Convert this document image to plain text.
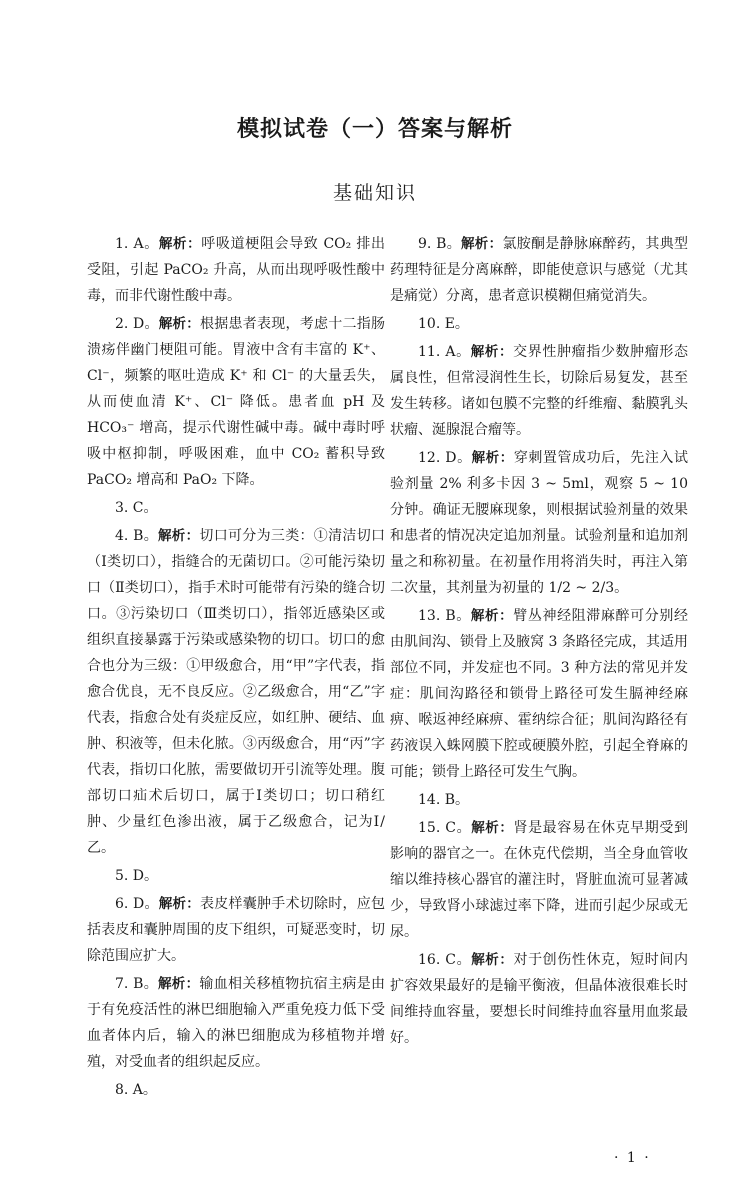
模拟试卷（一）答案与解析
基础知识

1. A。解析：呼吸道梗阻会导致 CO₂ 排出受阻，引起 PaCO₂ 升高，从而出现呼吸性酸中毒，而非代谢性酸中毒。

2. D。解析：根据患者表现，考虑十二指肠溃疡伴幽门梗阻可能。胃液中含有丰富的 K⁺、Cl⁻，频繁的呕吐造成 K⁺ 和 Cl⁻ 的大量丢失，从而使血清 K⁺、Cl⁻ 降低。患者血 pH 及 HCO₃⁻ 增高，提示代谢性碱中毒。碱中毒时呼吸中枢抑制，呼吸困难，血中 CO₂ 蓄积导致 PaCO₂ 增高和 PaO₂ 下降。

3. C。

4. B。解析：切口可分为三类：①清洁切口（Ⅰ类切口），指缝合的无菌切口。②可能污染切口（Ⅱ类切口），指手术时可能带有污染的缝合切口。③污染切口（Ⅲ类切口），指邻近感染区或组织直接暴露于污染或感染物的切口。切口的愈合也分为三级：①甲级愈合，用“甲”字代表，指愈合优良，无不良反应。②乙级愈合，用“乙”字代表，指愈合处有炎症反应，如红肿、硬结、血肿、积液等，但未化脓。③丙级愈合，用“丙”字代表，指切口化脓，需要做切开引流等处理。腹部切口疝术后切口，属于Ⅰ类切口；切口稍红肿、少量红色渗出液，属于乙级愈合，记为Ⅰ/乙。

5. D。

6. D。解析：表皮样囊肿手术切除时，应包括表皮和囊肿周围的皮下组织，可疑恶变时，切除范围应扩大。

7. B。解析：输血相关移植物抗宿主病是由于有免疫活性的淋巴细胞输入严重免疫力低下受血者体内后，输入的淋巴细胞成为移植物并增殖，对受血者的组织起反应。

8. A。

9. B。解析：氯胺酮是静脉麻醉药，其典型药理特征是分离麻醉，即能使意识与感觉（尤其是痛觉）分离，患者意识模糊但痛觉消失。

10. E。

11. A。解析：交界性肿瘤指少数肿瘤形态属良性，但常浸润性生长，切除后易复发，甚至发生转移。诸如包膜不完整的纤维瘤、黏膜乳头状瘤、涎腺混合瘤等。

12. D。解析：穿刺置管成功后，先注入试验剂量 2% 利多卡因 3 ~ 5ml，观察 5 ~ 10 分钟。确证无腰麻现象，则根据试验剂量的效果和患者的情况决定追加剂量。试验剂量和追加剂量之和称初量。在初量作用将消失时，再注入第二次量，其剂量为初量的 1/2 ~ 2/3。

13. B。解析：臂丛神经阻滞麻醉可分别经由肌间沟、锁骨上及腋窝 3 条路径完成，其适用部位不同，并发症也不同。3 种方法的常见并发症：肌间沟路径和锁骨上路径可发生膈神经麻痹、喉返神经麻痹、霍纳综合征；肌间沟路径有药液误入蛛网膜下腔或硬膜外腔，引起全脊麻的可能；锁骨上路径可发生气胸。

14. B。

15. C。解析：肾是最容易在休克早期受到影响的器官之一。在休克代偿期，当全身血管收缩以维持核心器官的灌注时，肾脏血流可显著减少，导致肾小球滤过率下降，进而引起少尿或无尿。

16. C。解析：对于创伤性休克，短时间内扩容效果最好的是输平衡液，但晶体液很难长时间维持血容量，要想长时间维持血容量用血浆最好。

· 1 ·
